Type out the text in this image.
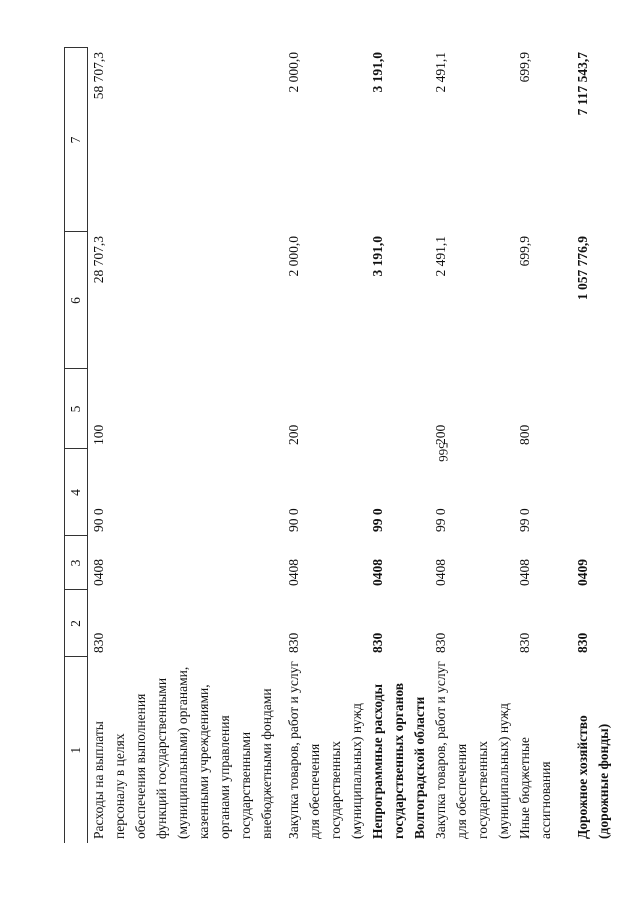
566
1	2	3	4	5	6	7
Расходы на выплаты персоналу в целях обеспечения выполнения функций государственными (муниципальными) органами, казенными учреждениями, органами управления государственными внебюджетными фондами	830	0408	90 0	100	28 707,3	58 707,3
Закупка товаров, работ и услуг для обеспечения государственных (муниципальных) нужд	830	0408	90 0	200	2 000,0	2 000,0
Непрограммные расходы государственных органов Волгоградской области	830	0408	99 0		3 191,0	3 191,0
Закупка товаров, работ и услуг для обеспечения государственных (муниципальных) нужд	830	0408	99 0	200	2 491,1	2 491,1
Иные бюджетные ассигнования	830	0408	99 0	800	699,9	699,9
Дорожное хозяйство (дорожные фонды)	830	0409			1 057 776,9	7 117 543,7
